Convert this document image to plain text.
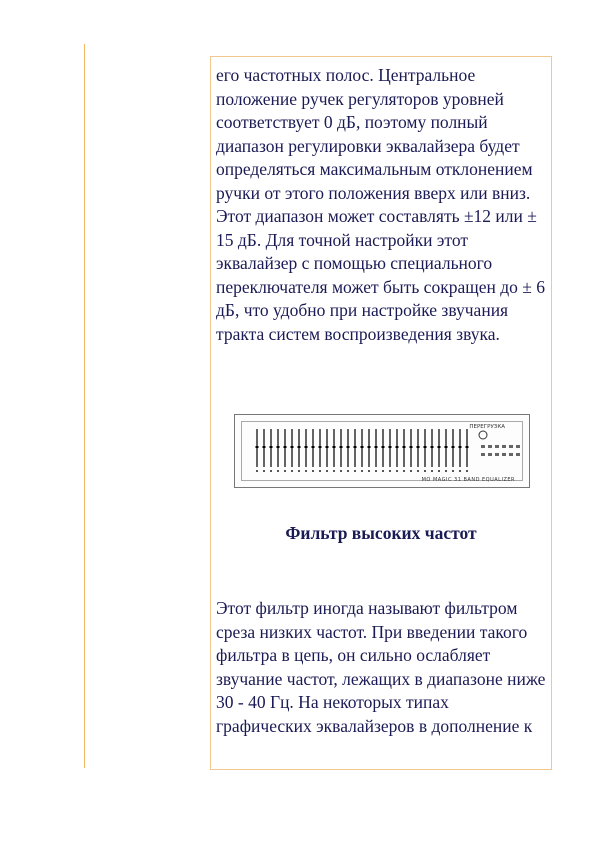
его частотных полос. Центральное положение ручек регуляторов уровней соответствует 0 дБ, поэтому полный диапазон регулировки эквалайзера будет определяться максимальным отклонением ручки от этого положения вверх или вниз. Этот диапазон может составлять ±12 или ± 15 дБ. Для точной настройки этот эквалайзер с помощью специального переключателя может быть сокращен до ± 6 дБ, что удобно при настройке звучания тракта систем воспроизведения звука.

ПЕРЕГРУЗКА
MO MAGIC 31 BAND EQUALIZER
Фильтр высоких частот

Этот фильтр иногда называют фильтром среза низких частот. При введении такого фильтра в цепь, он сильно ослабляет звучание частот, лежащих в диапазоне ниже 30 - 40 Гц. На некоторых типах графических эквалайзеров в дополнение к
